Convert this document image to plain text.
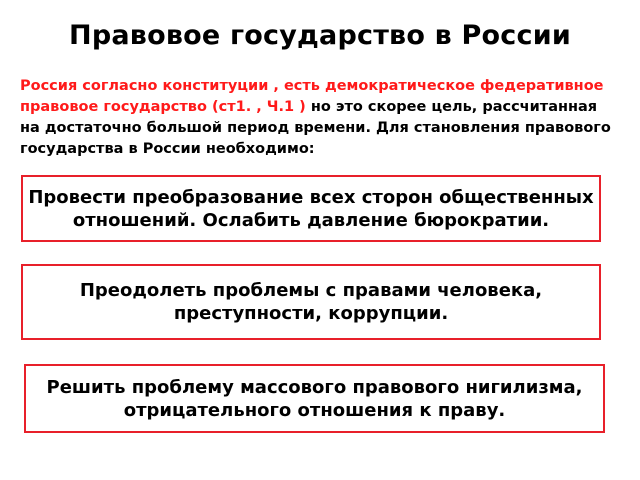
Правовое государство в России
Россия согласно конституции , есть демократическое федеративное правовое государство (ст1. , Ч.1 ) но это скорее цель, рассчитанная на достаточно большой период времени. Для становления правового государства в России необходимо:
Провести преобразование всех сторон общественных отношений. Ослабить давление бюрократии.
Преодолеть проблемы с правами человека, преступности, коррупции.
Решить проблему массового правового нигилизма, отрицательного отношения к праву.
